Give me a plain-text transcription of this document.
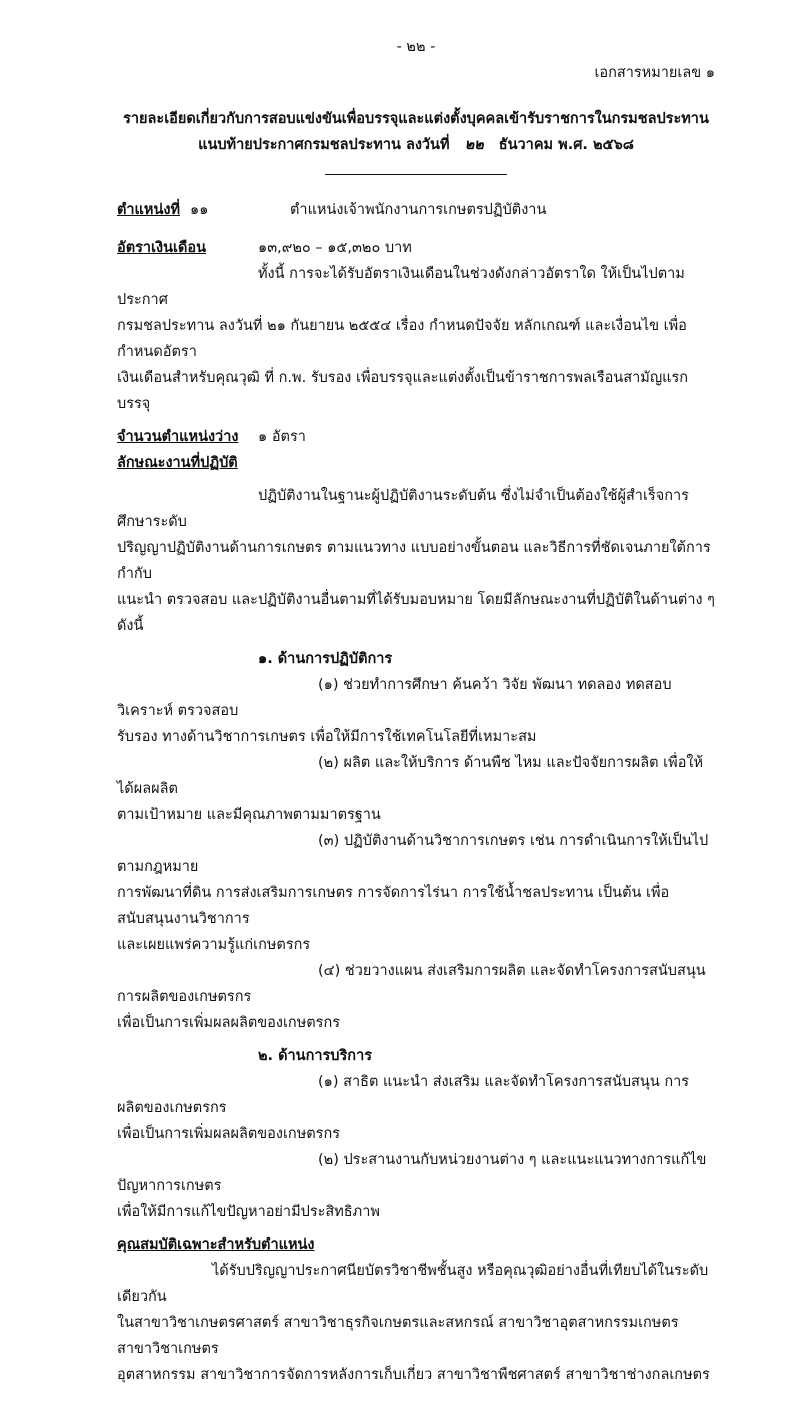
- ๒๒ -
เอกสารหมายเลข ๑
รายละเอียดเกี่ยวกับการสอบแข่งขันเพื่อบรรจุและแต่งตั้งบุคคลเข้ารับราชการในกรมชลประทาน
แนบท้ายประกาศกรมชลประทาน ลงวันที่ ๒๒ ธันวาคม พ.ศ. ๒๕๖๘
ตำแหน่งที่ ๑๑	ตำแหน่งเจ้าพนักงานการเกษตรปฏิบัติงาน
อัตราเงินเดือน	๑๓,๙๒๐ – ๑๕,๓๒๐ บาท
ทั้งนี้ การจะได้รับอัตราเงินเดือนในช่วงดังกล่าวอัตราใด ให้เป็นไปตามประกาศ
กรมชลประทาน ลงวันที่ ๒๑ กันยายน ๒๕๕๔ เรื่อง กำหนดปัจจัย หลักเกณฑ์ และเงื่อนไข เพื่อกำหนดอัตรา
เงินเดือนสำหรับคุณวุฒิ ที่ ก.พ. รับรอง เพื่อบรรจุและแต่งตั้งเป็นข้าราชการพลเรือนสามัญแรกบรรจุ
จำนวนตำแหน่งว่าง	๑ อัตรา
ลักษณะงานที่ปฏิบัติ
ปฏิบัติงานในฐานะผู้ปฏิบัติงานระดับต้น ซึ่งไม่จำเป็นต้องใช้ผู้สำเร็จการศึกษาระดับ
ปริญญาปฏิบัติงานด้านการเกษตร ตามแนวทาง แบบอย่างขั้นตอน และวิธีการที่ชัดเจนภายใต้การกำกับ
แนะนำ ตรวจสอบ และปฏิบัติงานอื่นตามที่ได้รับมอบหมาย โดยมีลักษณะงานที่ปฏิบัติในด้านต่าง ๆ ดังนี้
๑. ด้านการปฏิบัติการ
(๑) ช่วยทำการศึกษา ค้นคว้า วิจัย พัฒนา ทดลอง ทดสอบ วิเคราะห์ ตรวจสอบ
รับรอง ทางด้านวิชาการเกษตร เพื่อให้มีการใช้เทคโนโลยีที่เหมาะสม
(๒) ผลิต และให้บริการ ด้านพืช ไหม และปัจจัยการผลิต เพื่อให้ได้ผลผลิต
ตามเป้าหมาย และมีคุณภาพตามมาตรฐาน
(๓) ปฏิบัติงานด้านวิชาการเกษตร เช่น การดำเนินการให้เป็นไปตามกฎหมาย
การพัฒนาที่ดิน การส่งเสริมการเกษตร การจัดการไร่นา การใช้น้ำชลประทาน เป็นต้น เพื่อสนับสนุนงานวิชาการ
และเผยแพร่ความรู้แก่เกษตรกร
(๔) ช่วยวางแผน ส่งเสริมการผลิต และจัดทำโครงการสนับสนุน การผลิตของเกษตรกร
เพื่อเป็นการเพิ่มผลผลิตของเกษตรกร
๒. ด้านการบริการ
(๑) สาธิต แนะนำ ส่งเสริม และจัดทำโครงการสนับสนุน การผลิตของเกษตรกร
เพื่อเป็นการเพิ่มผลผลิตของเกษตรกร
(๒) ประสานงานกับหน่วยงานต่าง ๆ และแนะแนวทางการแก้ไขปัญหาการเกษตร
เพื่อให้มีการแก้ไขปัญหาอย่ามีประสิทธิภาพ
คุณสมบัติเฉพาะสำหรับตำแหน่ง
ได้รับปริญญาประกาศนียบัตรวิชาชีพชั้นสูง หรือคุณวุฒิอย่างอื่นที่เทียบได้ในระดับเดียวกัน
ในสาขาวิชาเกษตรศาสตร์ สาขาวิชาธุรกิจเกษตรและสหกรณ์ สาขาวิชาอุตสาหกรรมเกษตร สาขาวิชาเกษตร
อุตสาหกรรม สาขาวิชาการจัดการหลังการเก็บเกี่ยว สาขาวิชาพืชศาสตร์ สาขาวิชาช่างกลเกษตร
